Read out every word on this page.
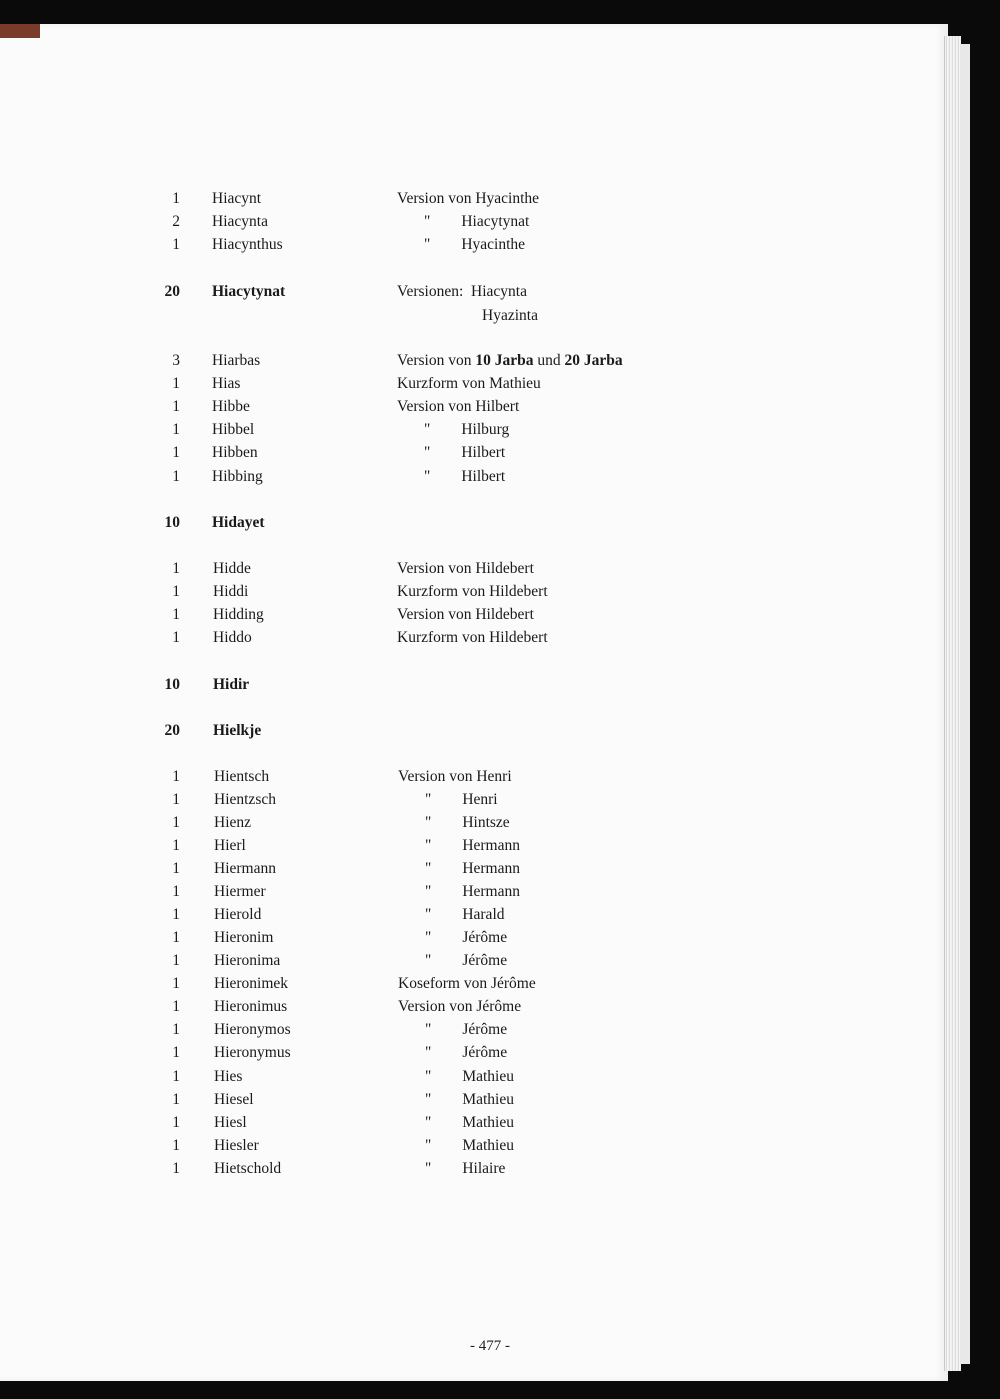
1 Hiacynt	Version von Hyacinthe
2 Hiacynta	"        Hiacytynat
1 Hiacynthus	"        Hyacinthe
20 Hiacytynat	Versionen:  Hiacynta
Hyazinta
3 Hiarbas	Version von 10 Jarba und 20 Jarba
1 Hias	Kurzform von Mathieu
1 Hibbe	Version von Hilbert
1 Hibbel	"        Hilburg
1 Hibben	"        Hilbert
1 Hibbing	"        Hilbert
10 Hidayet
1 Hidde	Version von Hildebert
1 Hiddi	Kurzform von Hildebert
1 Hidding	Version von Hildebert
1 Hiddo	Kurzform von Hildebert
10 Hidir
20 Hielkje
1 Hientsch	Version von Henri
1 Hientzsch	"        Henri
1 Hienz	"        Hintsze
1 Hierl	"        Hermann
1 Hiermann	"        Hermann
1 Hiermer	"        Hermann
1 Hierold	"        Harald
1 Hieronim	"        Jérôme
1 Hieronima	"        Jérôme
1 Hieronimek	Koseform von Jérôme
1 Hieronimus	Version von Jérôme
1 Hieronymos	"        Jérôme
1 Hieronymus	"        Jérôme
1 Hies	"        Mathieu
1 Hiesel	"        Mathieu
1 Hiesl	"        Mathieu
1 Hiesler	"        Mathieu
1 Hietschold	"        Hilaire
- 477 -
